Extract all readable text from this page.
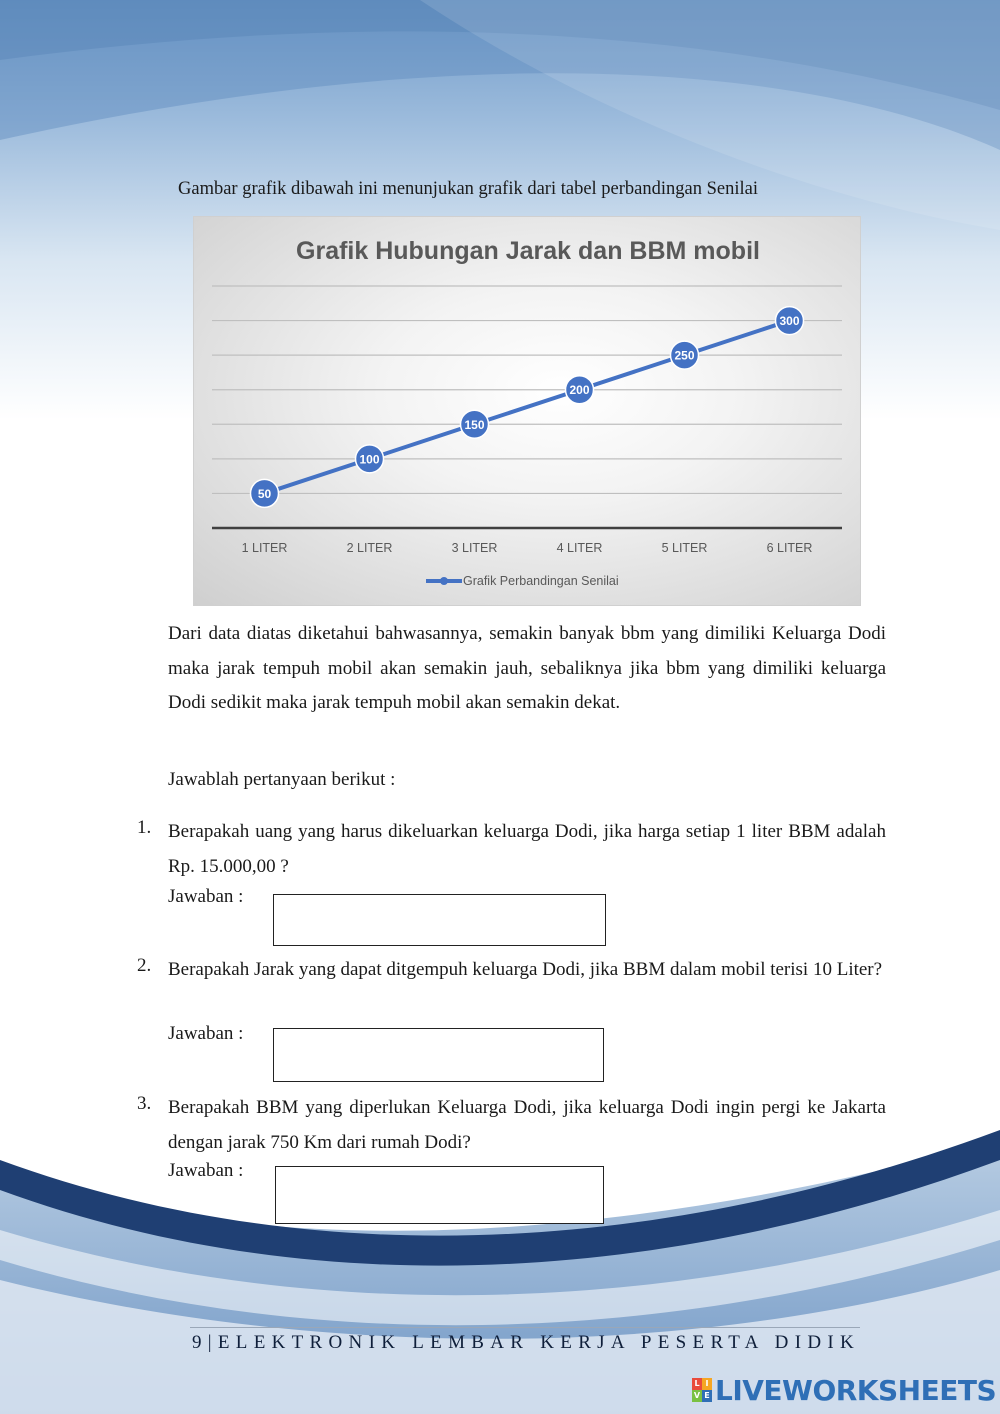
Gambar grafik dibawah ini menunjukan grafik dari tabel perbandingan Senilai
Grafik Hubungan Jarak dan BBM mobil
1 LITER	2 LITER	3 LITER	4 LITER	5 LITER	6 LITER
50
100
150
200
250
300
Grafik Perbandingan Senilai
Dari data diatas diketahui bahwasannya, semakin banyak bbm yang dimiliki Keluarga Dodi maka jarak tempuh mobil akan semakin jauh, sebaliknya jika bbm yang dimiliki keluarga Dodi sedikit maka jarak tempuh mobil akan semakin dekat.
Jawablah pertanyaan berikut :
1. Berapakah uang yang harus dikeluarkan keluarga Dodi, jika harga setiap 1 liter BBM adalah Rp. 15.000,00 ?
Jawaban :
2. Berapakah Jarak yang dapat ditgempuh keluarga Dodi, jika BBM dalam mobil terisi 10 Liter?
Jawaban :
3. Berapakah BBM yang diperlukan Keluarga Dodi, jika keluarga Dodi ingin pergi ke Jakarta dengan jarak 750 Km dari rumah Dodi?
Jawaban :
9|ELEKTRONIK LEMBAR KERJA PESERTA DIDIK
L I
V E LIVEWORKSHEETS
